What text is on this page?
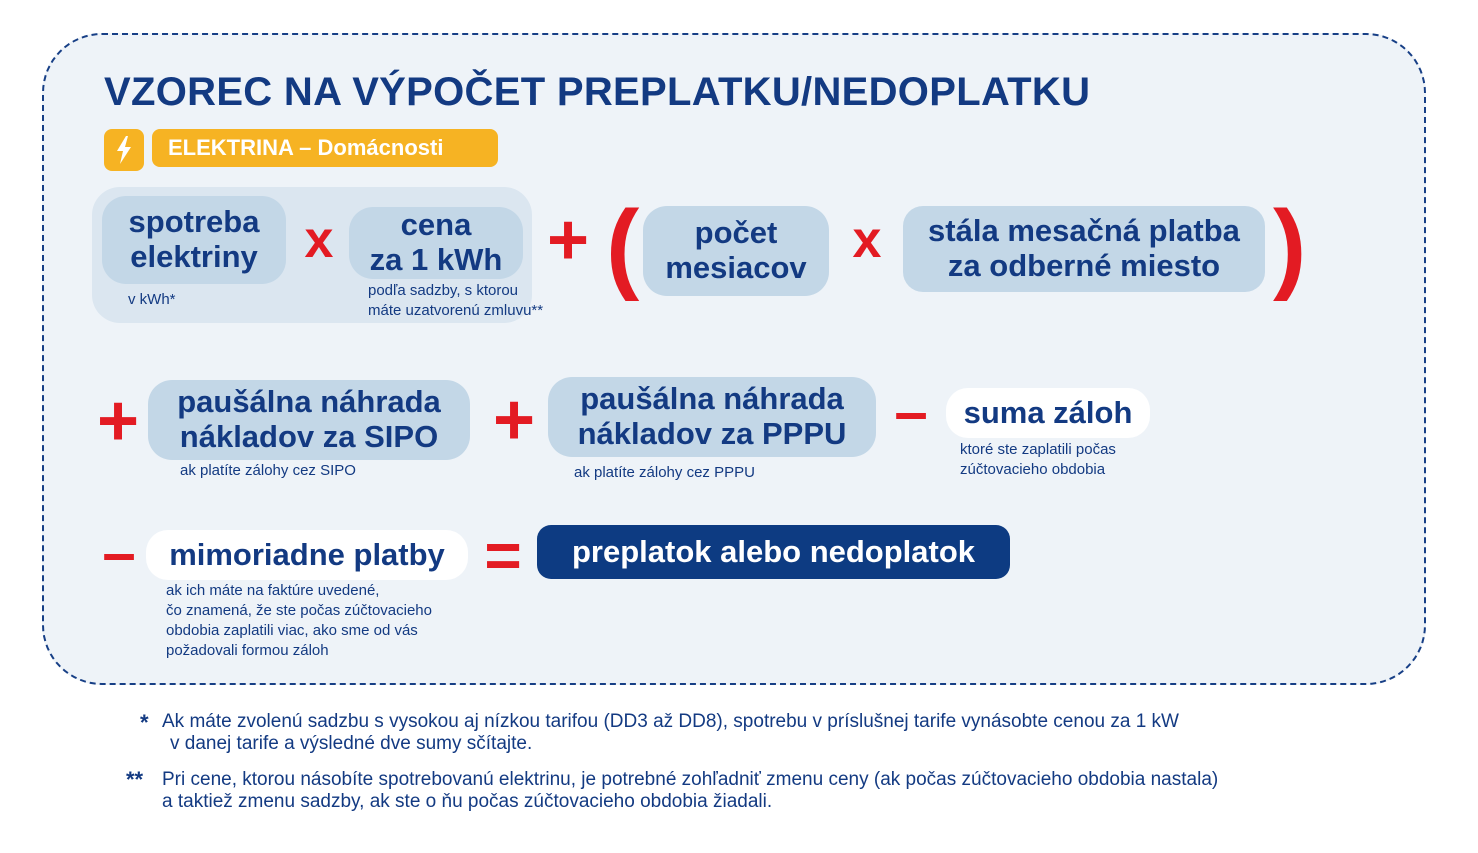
VZOREC NA VÝPOČET PREPLATKU/NEDOPLATKU
ELEKTRINA – Domácnosti
spotreba
elektriny
v kWh*
x cena
za 1 kWh
podľa sadzby, s ktorou
máte uzatvorenú zmluvu**
+ ( počet
mesiacov x stála mesačná platba
za odberné miesto )
+ paušálna náhrada
nákladov za SIPO
ak platíte zálohy cez SIPO
+ paušálna náhrada
nákladov za PPPU
ak platíte zálohy cez PPPU
–	suma záloh
ktoré ste zaplatili počas
zúčtovacieho obdobia
–	mimoriadne platby
ak ich máte na faktúre uvedené,
čo znamená, že ste počas zúčtovacieho
obdobia zaplatili viac, ako sme od vás
požadovali formou záloh
=	preplatok alebo nedoplatok
* Ak máte zvolenú sadzbu s vysokou aj nízkou tarifou (DD3 až DD8), spotrebu v príslušnej tarife vynásobte cenou za 1 kW
v danej tarife a výsledné dve sumy sčítajte.
** Pri cene, ktorou násobíte spotrebovanú elektrinu, je potrebné zohľadniť zmenu ceny (ak počas zúčtovacieho obdobia nastala)
a taktiež zmenu sadzby, ak ste o ňu počas zúčtovacieho obdobia žiadali.
